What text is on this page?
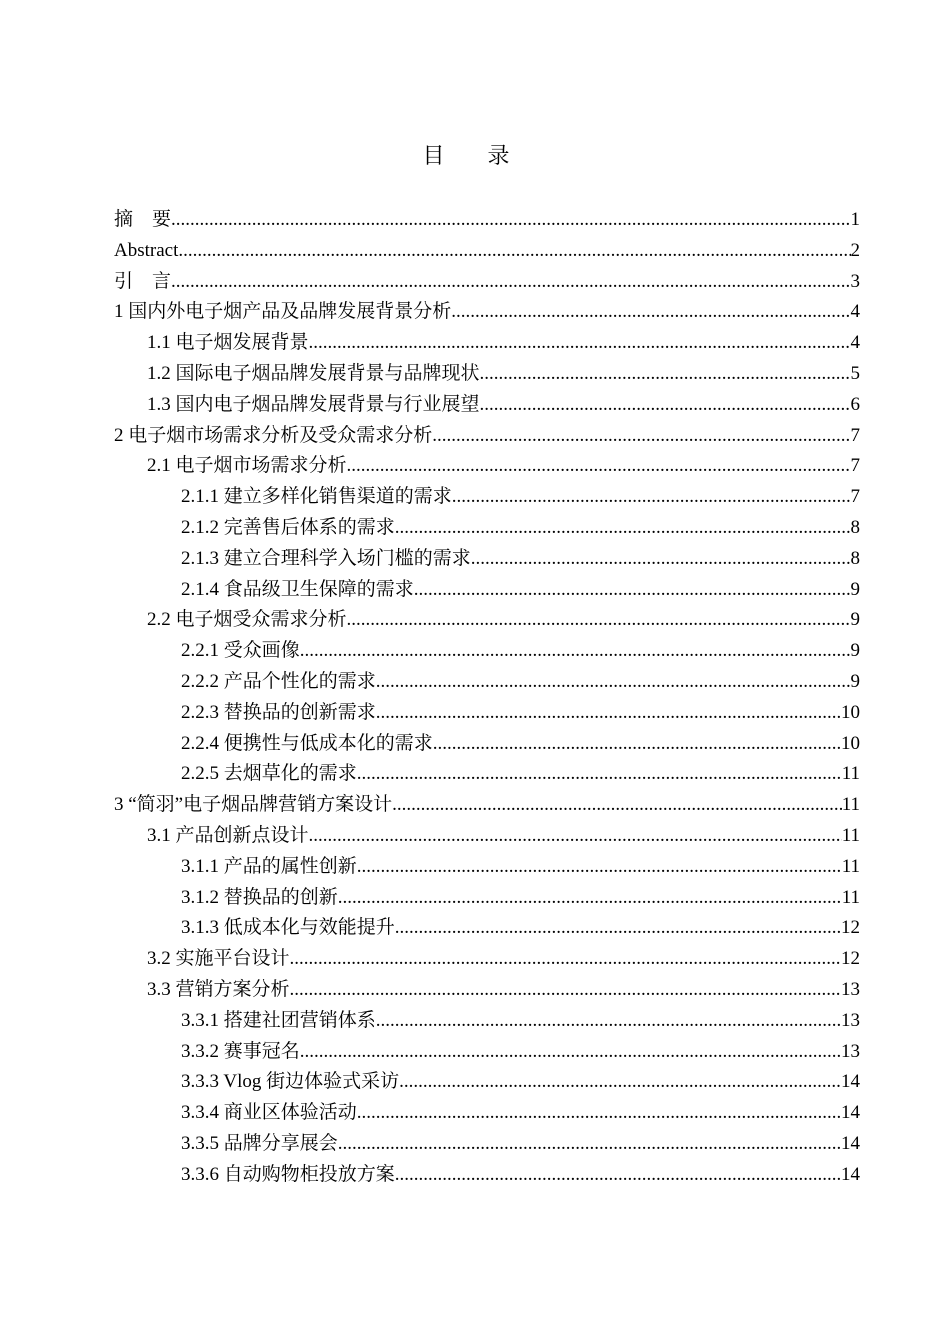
目 录
摘　要 .....	1
Abstract .....	2
引　言 .....	3
1 国内外电子烟产品及品牌发展背景分析 .....	4
1.1 电子烟发展背景 .....	4
1.2 国际电子烟品牌发展背景与品牌现状 .....	5
1.3 国内电子烟品牌发展背景与行业展望 .....	6
2 电子烟市场需求分析及受众需求分析 .....	7
2.1 电子烟市场需求分析 .....	7
2.1.1 建立多样化销售渠道的需求 .....	7
2.1.2 完善售后体系的需求 .....	8
2.1.3 建立合理科学入场门槛的需求 .....	8
2.1.4 食品级卫生保障的需求 .....	9
2.2 电子烟受众需求分析 .....	9
2.2.1 受众画像 .....	9
2.2.2 产品个性化的需求 .....	9
2.2.3 替换品的创新需求 .....	10
2.2.4 便携性与低成本化的需求 .....	10
2.2.5 去烟草化的需求 .....	11
3 “简羽”电子烟品牌营销方案设计 .....	11
3.1 产品创新点设计 .....	11
3.1.1 产品的属性创新 .....	11
3.1.2 替换品的创新 .....	11
3.1.3 低成本化与效能提升 .....	12
3.2 实施平台设计 .....	12
3.3 营销方案分析 .....	13
3.3.1 搭建社团营销体系 .....	13
3.3.2 赛事冠名 .....	13
3.3.3 Vlog 街边体验式采访 .....	14
3.3.4 商业区体验活动 .....	14
3.3.5 品牌分享展会 .....	14
3.3.6 自动购物柜投放方案 .....	14
